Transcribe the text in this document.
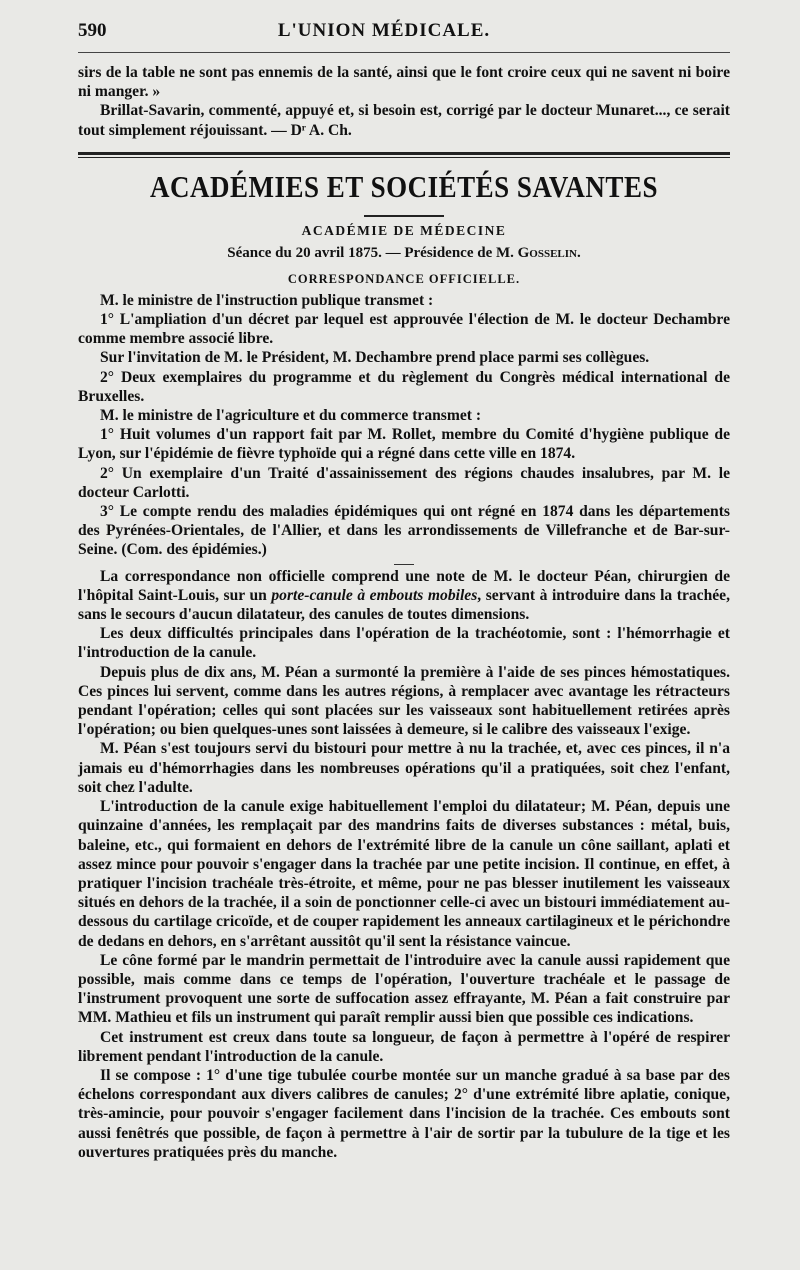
590	L'UNION MÉDICALE.

sirs de la table ne sont pas ennemis de la santé, ainsi que le font croire ceux qui ne savent ni boire ni manger. »

Brillat-Savarin, commenté, appuyé et, si besoin est, corrigé par le docteur Munaret..., ce serait tout simplement réjouissant. — Dʳ A. Ch.

ACADÉMIES ET SOCIÉTÉS SAVANTES
ACADÉMIE DE MÉDECINE
Séance du 20 avril 1875. — Présidence de M. Gosselin.
CORRESPONDANCE OFFICIELLE.

M. le ministre de l'instruction publique transmet :

1° L'ampliation d'un décret par lequel est approuvée l'élection de M. le docteur Dechambre comme membre associé libre.

Sur l'invitation de M. le Président, M. Dechambre prend place parmi ses collègues.

2° Deux exemplaires du programme et du règlement du Congrès médical international de Bruxelles.

M. le ministre de l'agriculture et du commerce transmet :

1° Huit volumes d'un rapport fait par M. Rollet, membre du Comité d'hygiène publique de Lyon, sur l'épidémie de fièvre typhoïde qui a régné dans cette ville en 1874.

2° Un exemplaire d'un Traité d'assainissement des régions chaudes insalubres, par M. le docteur Carlotti.

3° Le compte rendu des maladies épidémiques qui ont régné en 1874 dans les départements des Pyrénées-Orientales, de l'Allier, et dans les arrondissements de Villefranche et de Bar-sur-Seine. (Com. des épidémies.)

La correspondance non officielle comprend une note de M. le docteur Péan, chirurgien de l'hôpital Saint-Louis, sur un porte-canule à embouts mobiles, servant à introduire dans la trachée, sans le secours d'aucun dilatateur, des canules de toutes dimensions.

Les deux difficultés principales dans l'opération de la trachéotomie, sont : l'hémorrhagie et l'introduction de la canule.

Depuis plus de dix ans, M. Péan a surmonté la première à l'aide de ses pinces hémostatiques. Ces pinces lui servent, comme dans les autres régions, à remplacer avec avantage les rétracteurs pendant l'opération; celles qui sont placées sur les vaisseaux sont habituellement retirées après l'opération; ou bien quelques-unes sont laissées à demeure, si le calibre des vaisseaux l'exige.

M. Péan s'est toujours servi du bistouri pour mettre à nu la trachée, et, avec ces pinces, il n'a jamais eu d'hémorrhagies dans les nombreuses opérations qu'il a pratiquées, soit chez l'enfant, soit chez l'adulte.

L'introduction de la canule exige habituellement l'emploi du dilatateur; M. Péan, depuis une quinzaine d'années, les remplaçait par des mandrins faits de diverses substances : métal, buis, baleine, etc., qui formaient en dehors de l'extrémité libre de la canule un cône saillant, aplati et assez mince pour pouvoir s'engager dans la trachée par une petite incision. Il continue, en effet, à pratiquer l'incision trachéale très-étroite, et même, pour ne pas blesser inutilement les vaisseaux situés en dehors de la trachée, il a soin de ponctionner celle-ci avec un bistouri immédiatement au-dessous du cartilage cricoïde, et de couper rapidement les anneaux cartilagineux et le périchondre de dedans en dehors, en s'arrêtant aussitôt qu'il sent la résistance vaincue.

Le cône formé par le mandrin permettait de l'introduire avec la canule aussi rapidement que possible, mais comme dans ce temps de l'opération, l'ouverture trachéale et le passage de l'instrument provoquent une sorte de suffocation assez effrayante, M. Péan a fait construire par MM. Mathieu et fils un instrument qui paraît remplir aussi bien que possible ces indications.

Cet instrument est creux dans toute sa longueur, de façon à permettre à l'opéré de respirer librement pendant l'introduction de la canule.

Il se compose : 1° d'une tige tubulée courbe montée sur un manche gradué à sa base par des échelons correspondant aux divers calibres de canules; 2° d'une extrémité libre aplatie, conique, très-amincie, pour pouvoir s'engager facilement dans l'incision de la trachée. Ces embouts sont aussi fenêtrés que possible, de façon à permettre à l'air de sortir par la tubulure de la tige et les ouvertures pratiquées près du manche.
